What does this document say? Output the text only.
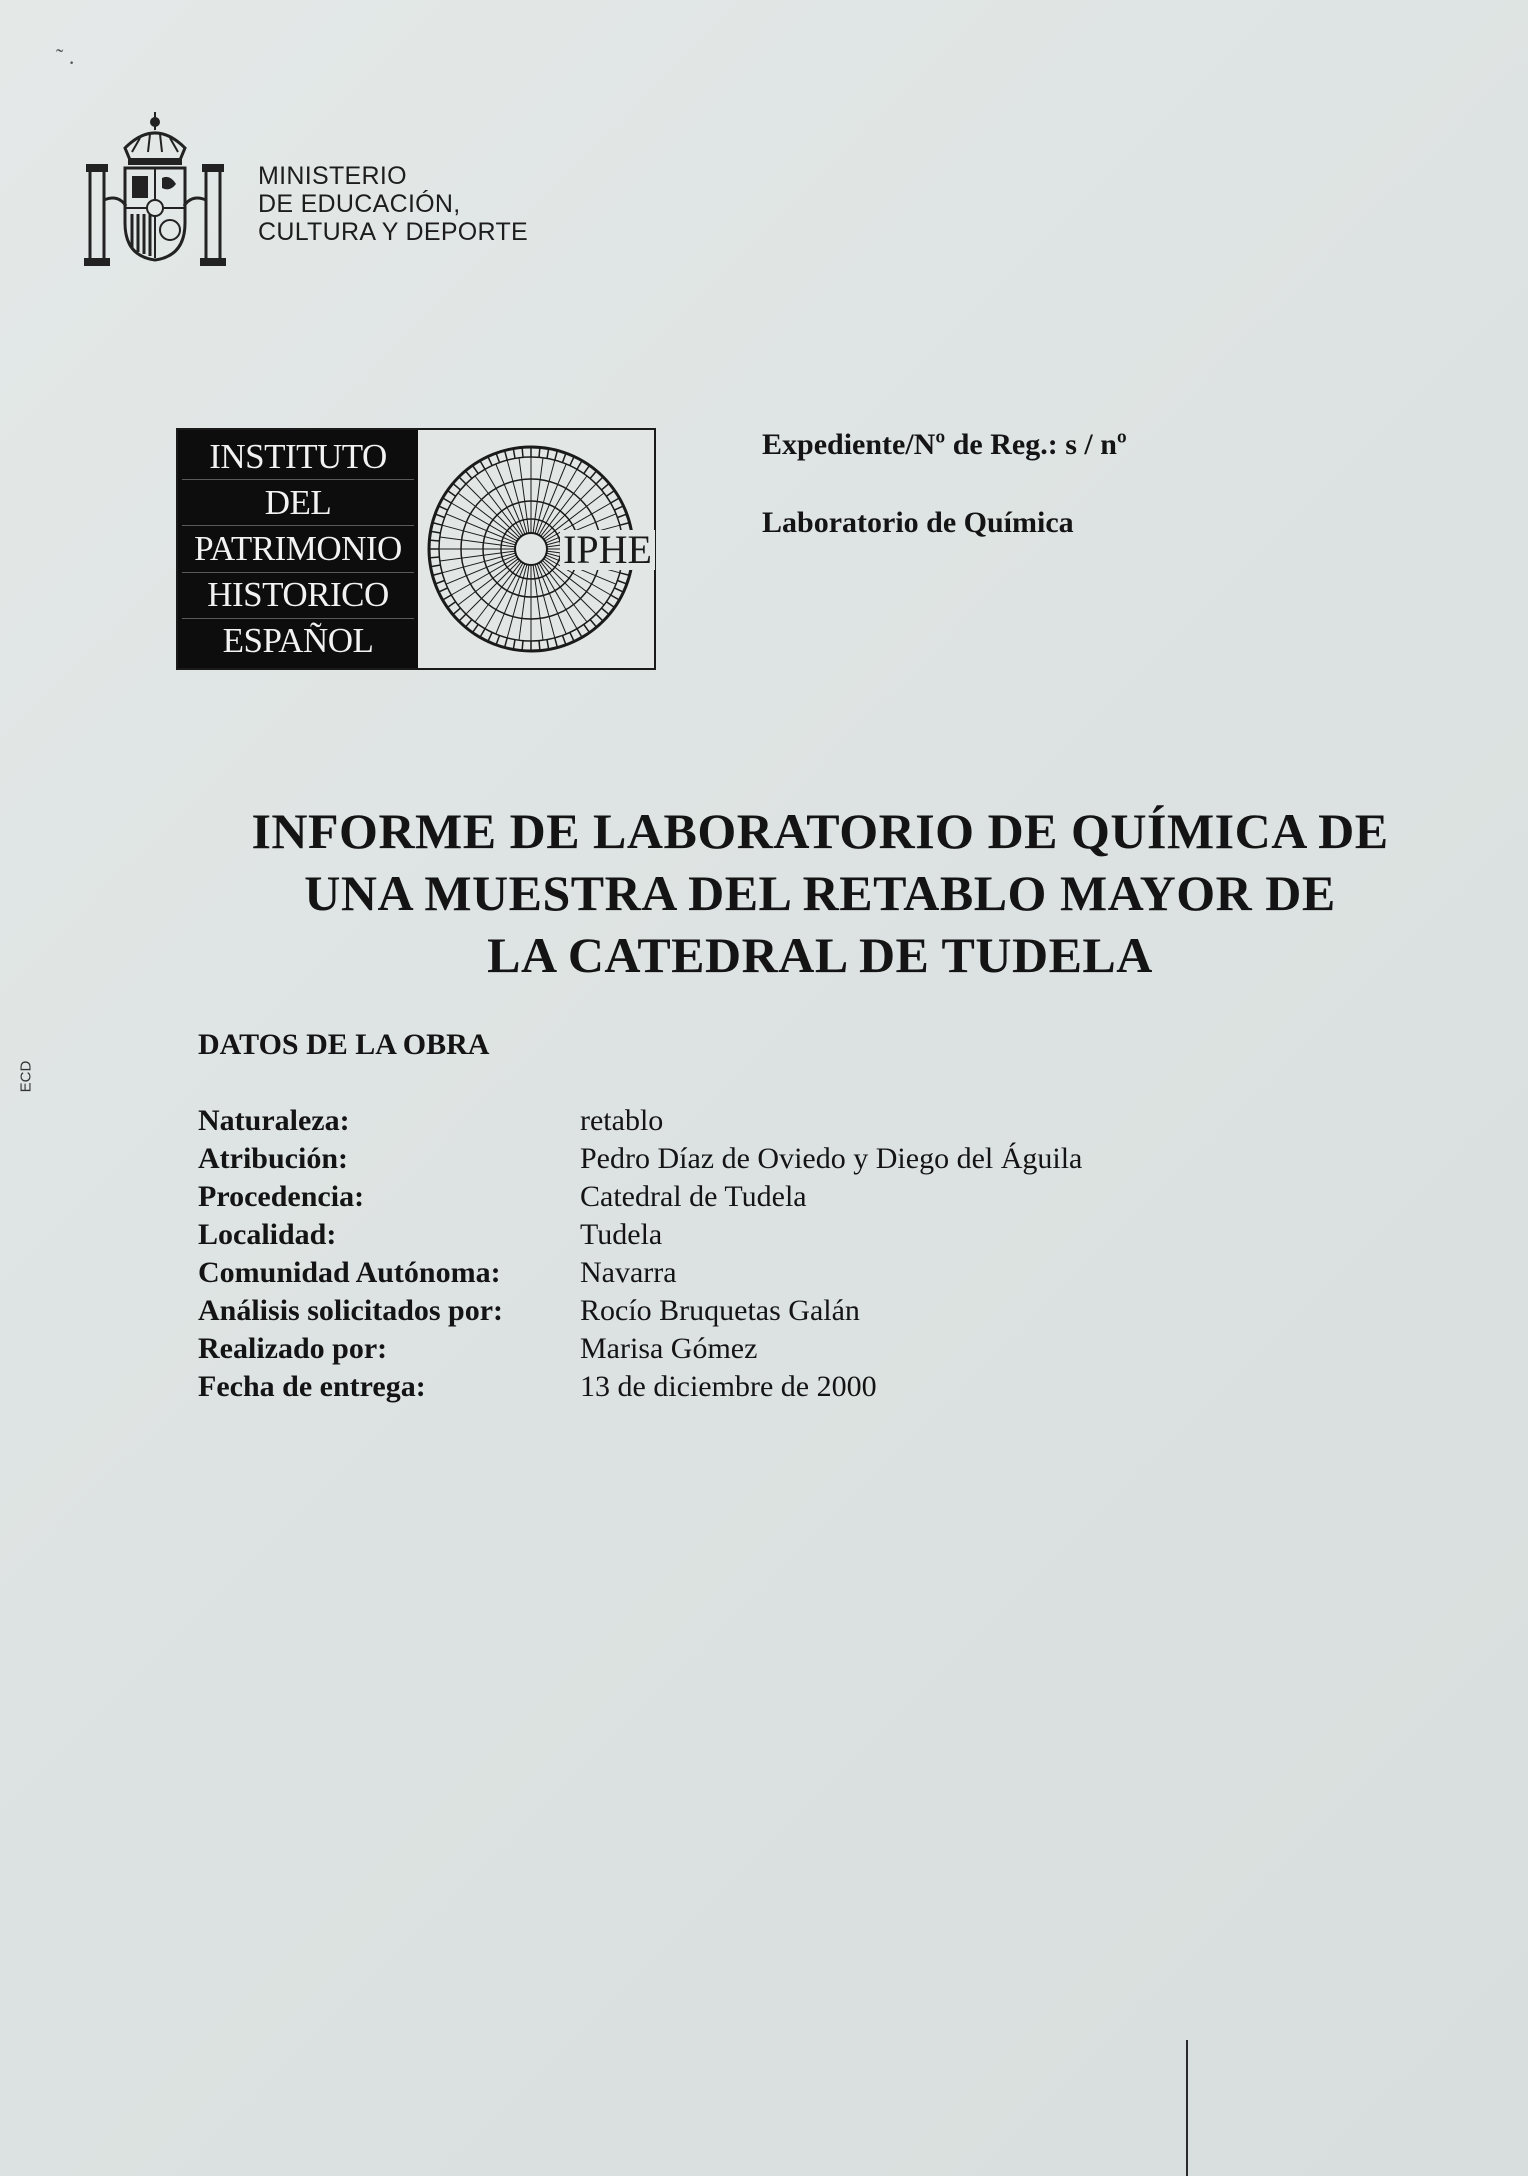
˜ .
MINISTERIO
DE EDUCACIÓN,
CULTURA Y DEPORTE
INSTITUTO
DEL
PATRIMONIO
HISTORICO
ESPAÑOL
IPHE
Expediente/Nº de Reg.: s / nº
Laboratorio de Química
INFORME DE LABORATORIO DE QUÍMICA DE
UNA MUESTRA DEL RETABLO MAYOR DE
LA CATEDRAL DE TUDELA
DATOS DE LA OBRA
ECD
Naturaleza:	retablo
Atribución:	Pedro Díaz de Oviedo y Diego del Águila
Procedencia:	Catedral de Tudela
Localidad:	Tudela
Comunidad Autónoma:	Navarra
Análisis solicitados por:	Rocío Bruquetas Galán
Realizado por:	Marisa Gómez
Fecha de entrega:	13 de diciembre de 2000
